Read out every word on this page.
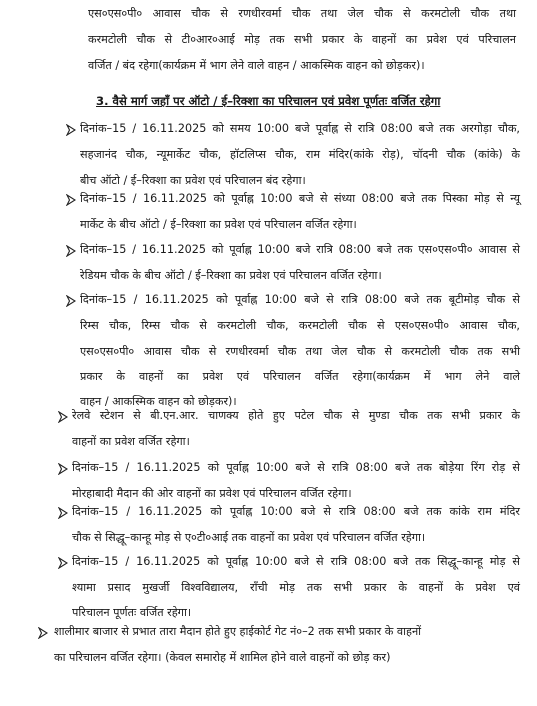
एस०एस०पी० आवास चौक से रणधीरवर्मा चौक तथा जेल चौक से करमटोली चौक तथा
करमटोली चौक से टी०आर०आई मोड़ तक सभी प्रकार के वाहनों का प्रवेश एवं परिचालन
वर्जित / बंद रहेगा(कार्यक्रम में भाग लेने वाले वाहन / आकस्मिक वाहन को छोड़कर)।
3. वैसे मार्ग जहाँ पर ऑटो / ई–रिक्शा का परिचालन एवं प्रवेश पूर्णतः वर्जित रहेगा
दिनांक–15 / 16.11.2025 को समय 10:00 बजे पूर्वाह्न से रात्रि 08:00 बजे तक अरगोड़ा चौक,
सहजानंद चौक, न्यूमार्केट चौक, हॉटलिप्स चौक, राम मंदिर(कांके रोड़), चॉदनी चौक (कांके) के
बीच ऑटो / ई–रिक्शा का प्रवेश एवं परिचालन बंद रहेगा।
दिनांक–15 / 16.11.2025 को पूर्वाह्न 10:00 बजे से संध्या 08:00 बजे तक पिस्का मोड़ से न्यू
मार्केट के बीच ऑटो / ई–रिक्शा का प्रवेश एवं परिचालन वर्जित रहेगा।
दिनांक–15 / 16.11.2025 को पूर्वाह्न 10:00 बजे रात्रि 08:00 बजे तक एस०एस०पी० आवास से
रेडियम चौक के बीच ऑटो / ई–रिक्शा का प्रवेश एवं परिचालन वर्जित रहेगा।
दिनांक–15 / 16.11.2025 को पूर्वाह्न 10:00 बजे से रात्रि 08:00 बजे तक बूटीमोड़ चौक से
रिम्स चौक, रिम्स चौक से करमटोली चौक, करमटोली चौक से एस०एस०पी० आवास चौक,
एस०एस०पी० आवास चौक से रणधीरवर्मा चौक तथा जेल चौक से करमटोली चौक तक सभी
प्रकार के वाहनों का प्रवेश एवं परिचालन वर्जित रहेगा(कार्यक्रम में भाग लेने वाले
वाहन / आकस्मिक वाहन को छोड़कर)।
रेलवे स्टेशन से बी.एन.आर. चाणक्य होते हुए पटेल चौक से मुण्डा चौक तक सभी प्रकार के
वाहनों का प्रवेश वर्जित रहेगा।
दिनांक–15 / 16.11.2025 को पूर्वाह्न 10:00 बजे से रात्रि 08:00 बजे तक बोड़ेया रिंग रोड़ से
मोरहाबादी मैदान की ओर वाहनों का प्रवेश एवं परिचालन वर्जित रहेगा।
दिनांक–15 / 16.11.2025 को पूर्वाह्न 10:00 बजे से रात्रि 08:00 बजे तक कांके राम मंदिर
चौक से सिद्धू–कान्हू मोड़ से ए०टी०आई तक वाहनों का प्रवेश एवं परिचालन वर्जित रहेगा।
दिनांक–15 / 16.11.2025 को पूर्वाह्न 10:00 बजे से रात्रि 08:00 बजे तक सिद्धू–कान्हू मोड़ से
श्यामा प्रसाद मुखर्जी विश्वविद्यालय, राँची मोड़ तक सभी प्रकार के वाहनों के प्रवेश एवं
परिचालन पूर्णतः वर्जित रहेगा।
शालीमार बाजार से प्रभात तारा मैदान होते हुए हाईकोर्ट गेट नं०–2 तक सभी प्रकार के वाहनों
का परिचालन वर्जित रहेगा। (केवल समारोह में शामिल होने वाले वाहनों को छोड़ कर)
